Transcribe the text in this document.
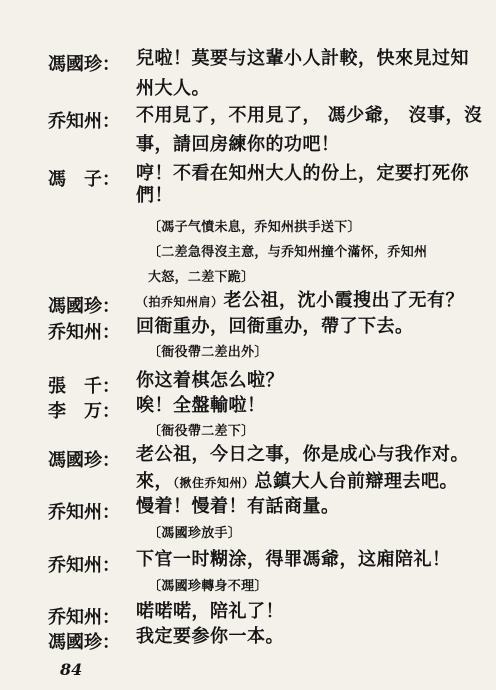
馮國珍： 兒啦！莫要与这輩小人計較，快來見过知
州大人。
乔知州： 不用見了，不用見了， 馮少爺， 沒事，沒
事，請回房練你的功吧！
馮　子： 哼！不看在知州大人的份上，定要打死你
們！
〔馮子气憤未息，乔知州拱手送下〕
〔二差急得沒主意，与乔知州撞个滿怀，乔知州
大怒，二差下跪〕
馮國珍：	（拍乔知州肩）老公祖，沈小霞搜出了无有？
乔知州： 回衙重办，回衙重办，帶了下去。
〔衙役帶二差出外〕
張　千： 你这着棋怎么啦？
李　万： 唉！全盤輸啦！
〔衙役帶二差下〕
馮國珍： 老公祖，今日之事，你是成心与我作对。
來，（揪住乔知州）总鎮大人台前辯理去吧。
乔知州： 慢着！慢着！有話商量。
〔馮國珍放手〕
乔知州： 下官一时糊涂，得罪馮爺，这廂陪礼！
〔馮國珍轉身不理〕
乔知州： 喏喏喏，陪礼了！
馮國珍： 我定要参你一本。
84
